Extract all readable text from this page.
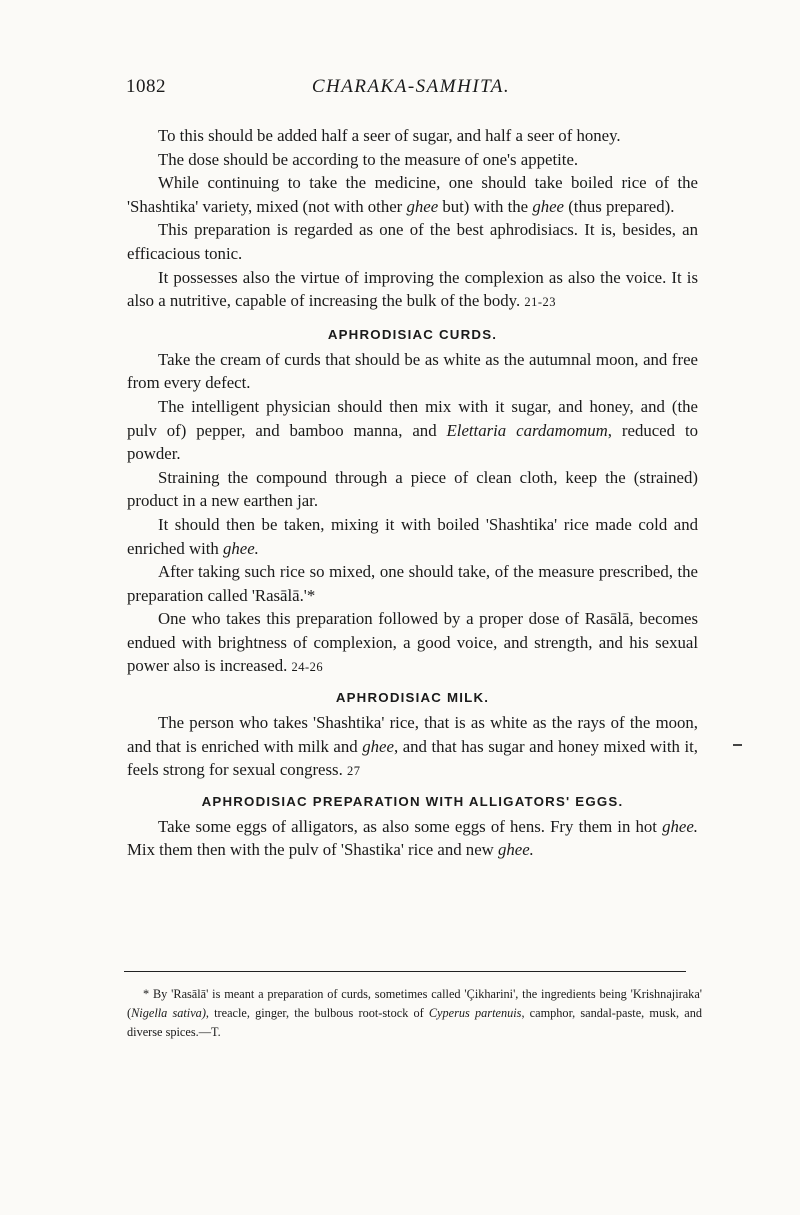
1082	CHARAKA-SAMHITA.

To this should be added half a seer of sugar, and half a seer of honey.

The dose should be according to the measure of one's appetite.

While continuing to take the medicine, one should take boiled rice of the 'Shashtika' variety, mixed (not with other ghee but) with the ghee (thus prepared).

This preparation is regarded as one of the best aphrodisiacs. It is, besides, an efficacious tonic.

It possesses also the virtue of improving the complexion as also the voice. It is also a nutritive, capable of increasing the bulk of the body. 21-23

APHRODISIAC CURDS.

Take the cream of curds that should be as white as the autumnal moon, and free from every defect.

The intelligent physician should then mix with it sugar, and honey, and (the pulv of) pepper, and bamboo manna, and Elettaria cardamomum, reduced to powder.

Straining the compound through a piece of clean cloth, keep the (strained) product in a new earthen jar.

It should then be taken, mixing it with boiled 'Shashtika' rice made cold and enriched with ghee.

After taking such rice so mixed, one should take, of the measure prescribed, the preparation called 'Rasālā.'*

One who takes this preparation followed by a proper dose of Rasālā, becomes endued with brightness of complexion, a good voice, and strength, and his sexual power also is increased. 24-26

APHRODISIAC MILK.

The person who takes 'Shashtika' rice, that is as white as the rays of the moon, and that is enriched with milk and ghee, and that has sugar and honey mixed with it, feels strong for sexual congress. 27

APHRODISIAC PREPARATION WITH ALLIGATORS' EGGS.

Take some eggs of alligators, as also some eggs of hens. Fry them in hot ghee. Mix them then with the pulv of 'Shastika' rice and new ghee.

* By 'Rasālā' is meant a preparation of curds, sometimes called 'Çikharini', the ingredients being 'Krishnajiraka' (Nigella sativa), treacle, ginger, the bulbous root-stock of Cyperus partenuis, camphor, sandal-paste, musk, and diverse spices.—T.
